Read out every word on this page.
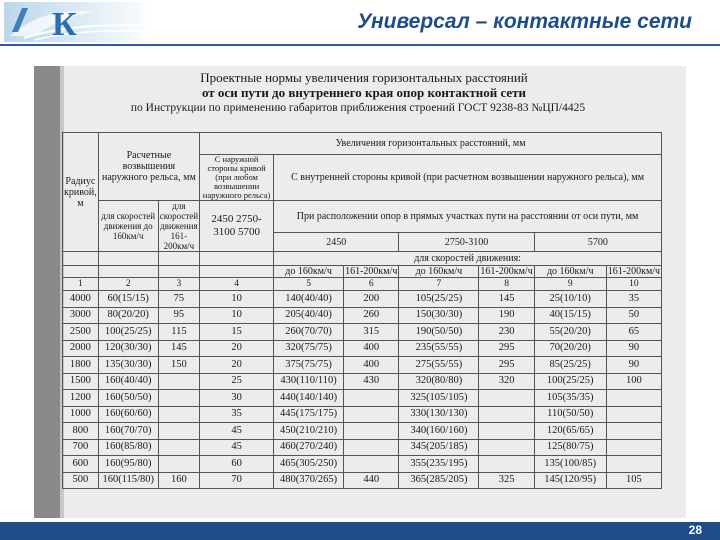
К	Универсал – контактные сети
Проектные нормы увеличения горизонтальных расстояний
от оси пути до внутреннего края опор контактной сети
по Инструкции по применению габаритов приближения строений ГОСТ 9238-83 №ЦП/4425
Радиус кривой, м	Расчетные возвышения наружного рельса, мм		Увеличения горизонтальных расстояний, мм						
			С наружной стороны кривой (при любом возвышении наружного рельса)	С внутренней стороны кривой (при расчетном возвышении наружного рельса), мм					
	для скоростей движения до 160км/ч	для скоростей движения 161-200км/ч	2450 2750-3100 5700	При расположении опор в прямых участках пути на расстоянии от оси пути, мм					
				2450		2750-3100		5700	
				для скоростей движения:					
				до 160км/ч	161-200км/ч	до 160км/ч	161-200км/ч	до 160км/ч	161-200км/ч
1	2	3	4	5	6	7	8	9	10
4000	60(15/15)	75	10	140(40/40)	200	105(25/25)	145	25(10/10)	35
3000	80(20/20)	95	10	205(40/40)	260	150(30/30)	190	40(15/15)	50
2500	100(25/25)	115	15	260(70/70)	315	190(50/50)	230	55(20/20)	65
2000	120(30/30)	145	20	320(75/75)	400	235(55/55)	295	70(20/20)	90
1800	135(30/30)	150	20	375(75/75)	400	275(55/55)	295	85(25/25)	90
1500	160(40/40)		25	430(110/110)	430	320(80/80)	320	100(25/25)	100
1200	160(50/50)		30	440(140/140)		325(105/105)		105(35/35)	
1000	160(60/60)		35	445(175/175)		330(130/130)		110(50/50)	
800	160(70/70)		45	450(210/210)		340(160/160)		120(65/65)	
700	160(85/80)		45	460(270/240)		345(205/185)		125(80/75)	
600	160(95/80)		60	465(305/250)		355(235/195)		135(100/85)	
500	160(115/80)	160	70	480(370/265)	440	365(285/205)	325	145(120/95)	105
28
